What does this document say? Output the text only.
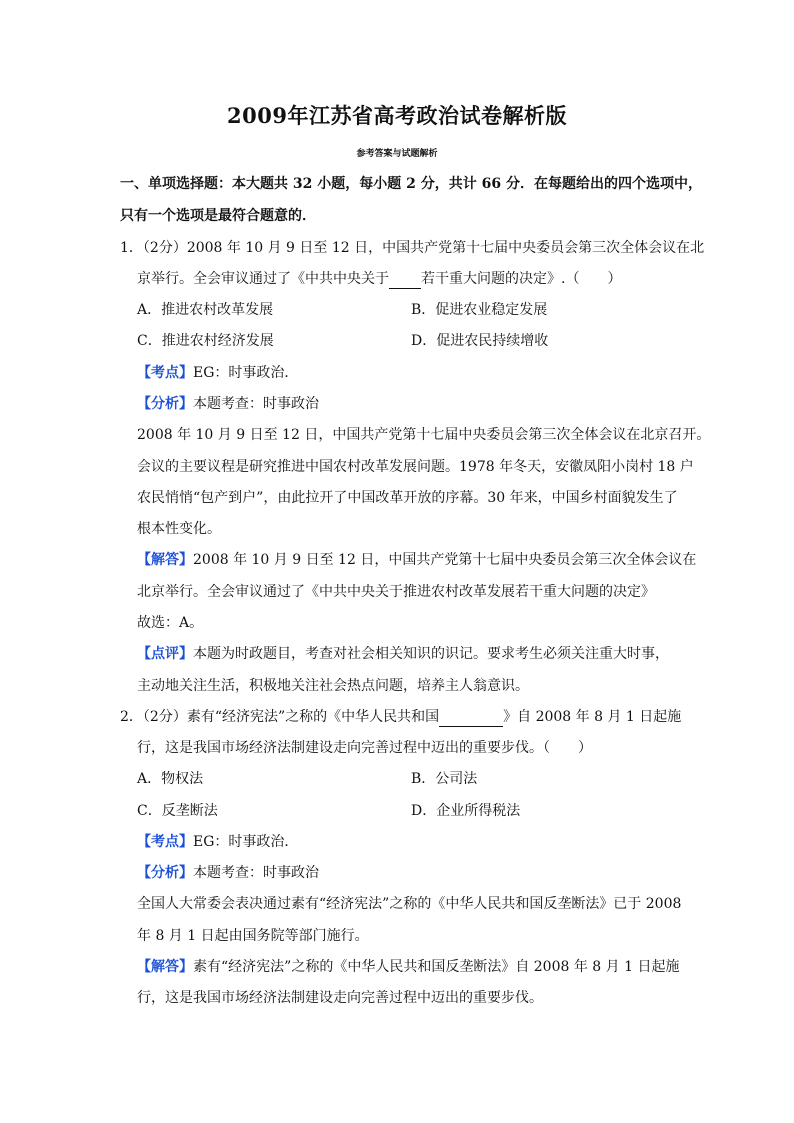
2009年江苏省高考政治试卷解析版
参考答案与试题解析
一、单项选择题：本大题共 32 小题，每小题 2 分，共计 66 分．在每题给出的四个选项中，
只有一个选项是最符合题意的．
1．（2分）2008 年 10 月 9 日至 12 日，中国共产党第十七届中央委员会第三次全体会议在北
京举行。全会审议通过了《中共中央关于 若干重大问题的决定》.（　　）
A．推进农村改革发展	B．促进农业稳定发展
C．推进农村经济发展	D．促进农民持续增收
【考点】EG：时事政治．
【分析】本题考查：时事政治
2008 年 10 月 9 日至 12 日，中国共产党第十七届中央委员会第三次全体会议在北京召开。
会议的主要议程是研究推进中国农村改革发展问题。1978 年冬天，安徽凤阳小岗村 18 户
农民悄悄“包产到户”，由此拉开了中国改革开放的序幕。30 年来，中国乡村面貌发生了
根本性变化。
【解答】2008 年 10 月 9 日至 12 日，中国共产党第十七届中央委员会第三次全体会议在
北京举行。全会审议通过了《中共中央关于推进农村改革发展若干重大问题的决定》
故选：A。
【点评】本题为时政题目，考查对社会相关知识的识记。要求考生必须关注重大时事，
主动地关注生活，积极地关注社会热点问题，培养主人翁意识。
2．（2分）素有“经济宪法”之称的《中华人民共和国	》自 2008 年 8 月 1 日起施
行，这是我国市场经济法制建设走向完善过程中迈出的重要步伐。（　　）
A．物权法	B．公司法
C．反垄断法	D．企业所得税法
【考点】EG：时事政治．
【分析】本题考查：时事政治
全国人大常委会表决通过素有“经济宪法”之称的《中华人民共和国反垄断法》已于 2008
年 8 月 1 日起由国务院等部门施行。
【解答】素有“经济宪法”之称的《中华人民共和国反垄断法》自 2008 年 8 月 1 日起施
行，这是我国市场经济法制建设走向完善过程中迈出的重要步伐。
